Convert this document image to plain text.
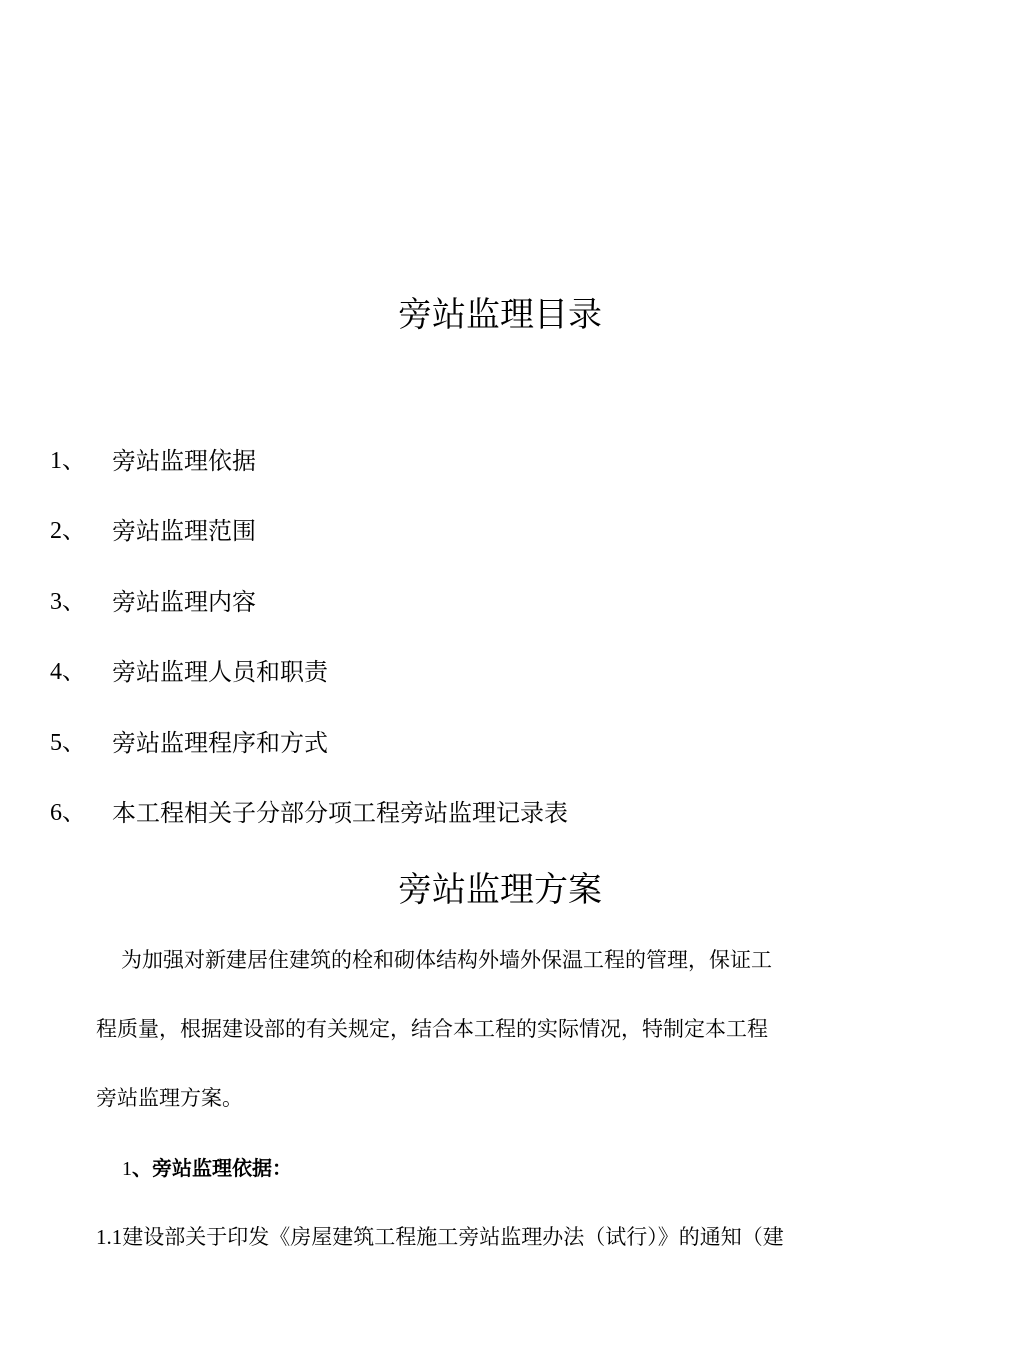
旁站监理目录
1、 旁站监理依据
2、 旁站监理范围
3、 旁站监理内容
4、 旁站监理人员和职责
5、 旁站监理程序和方式
6、 本工程相关子分部分项工程旁站监理记录表
旁站监理方案
为加强对新建居住建筑的栓和砌体结构外墙外保温工程的管理，保证工
程质量，根据建设部的有关规定，结合本工程的实际情况，特制定本工程
旁站监理方案。
1、旁站监理依据：
1.1建设部关于印发《房屋建筑工程施工旁站监理办法（试行）》的通知（建
